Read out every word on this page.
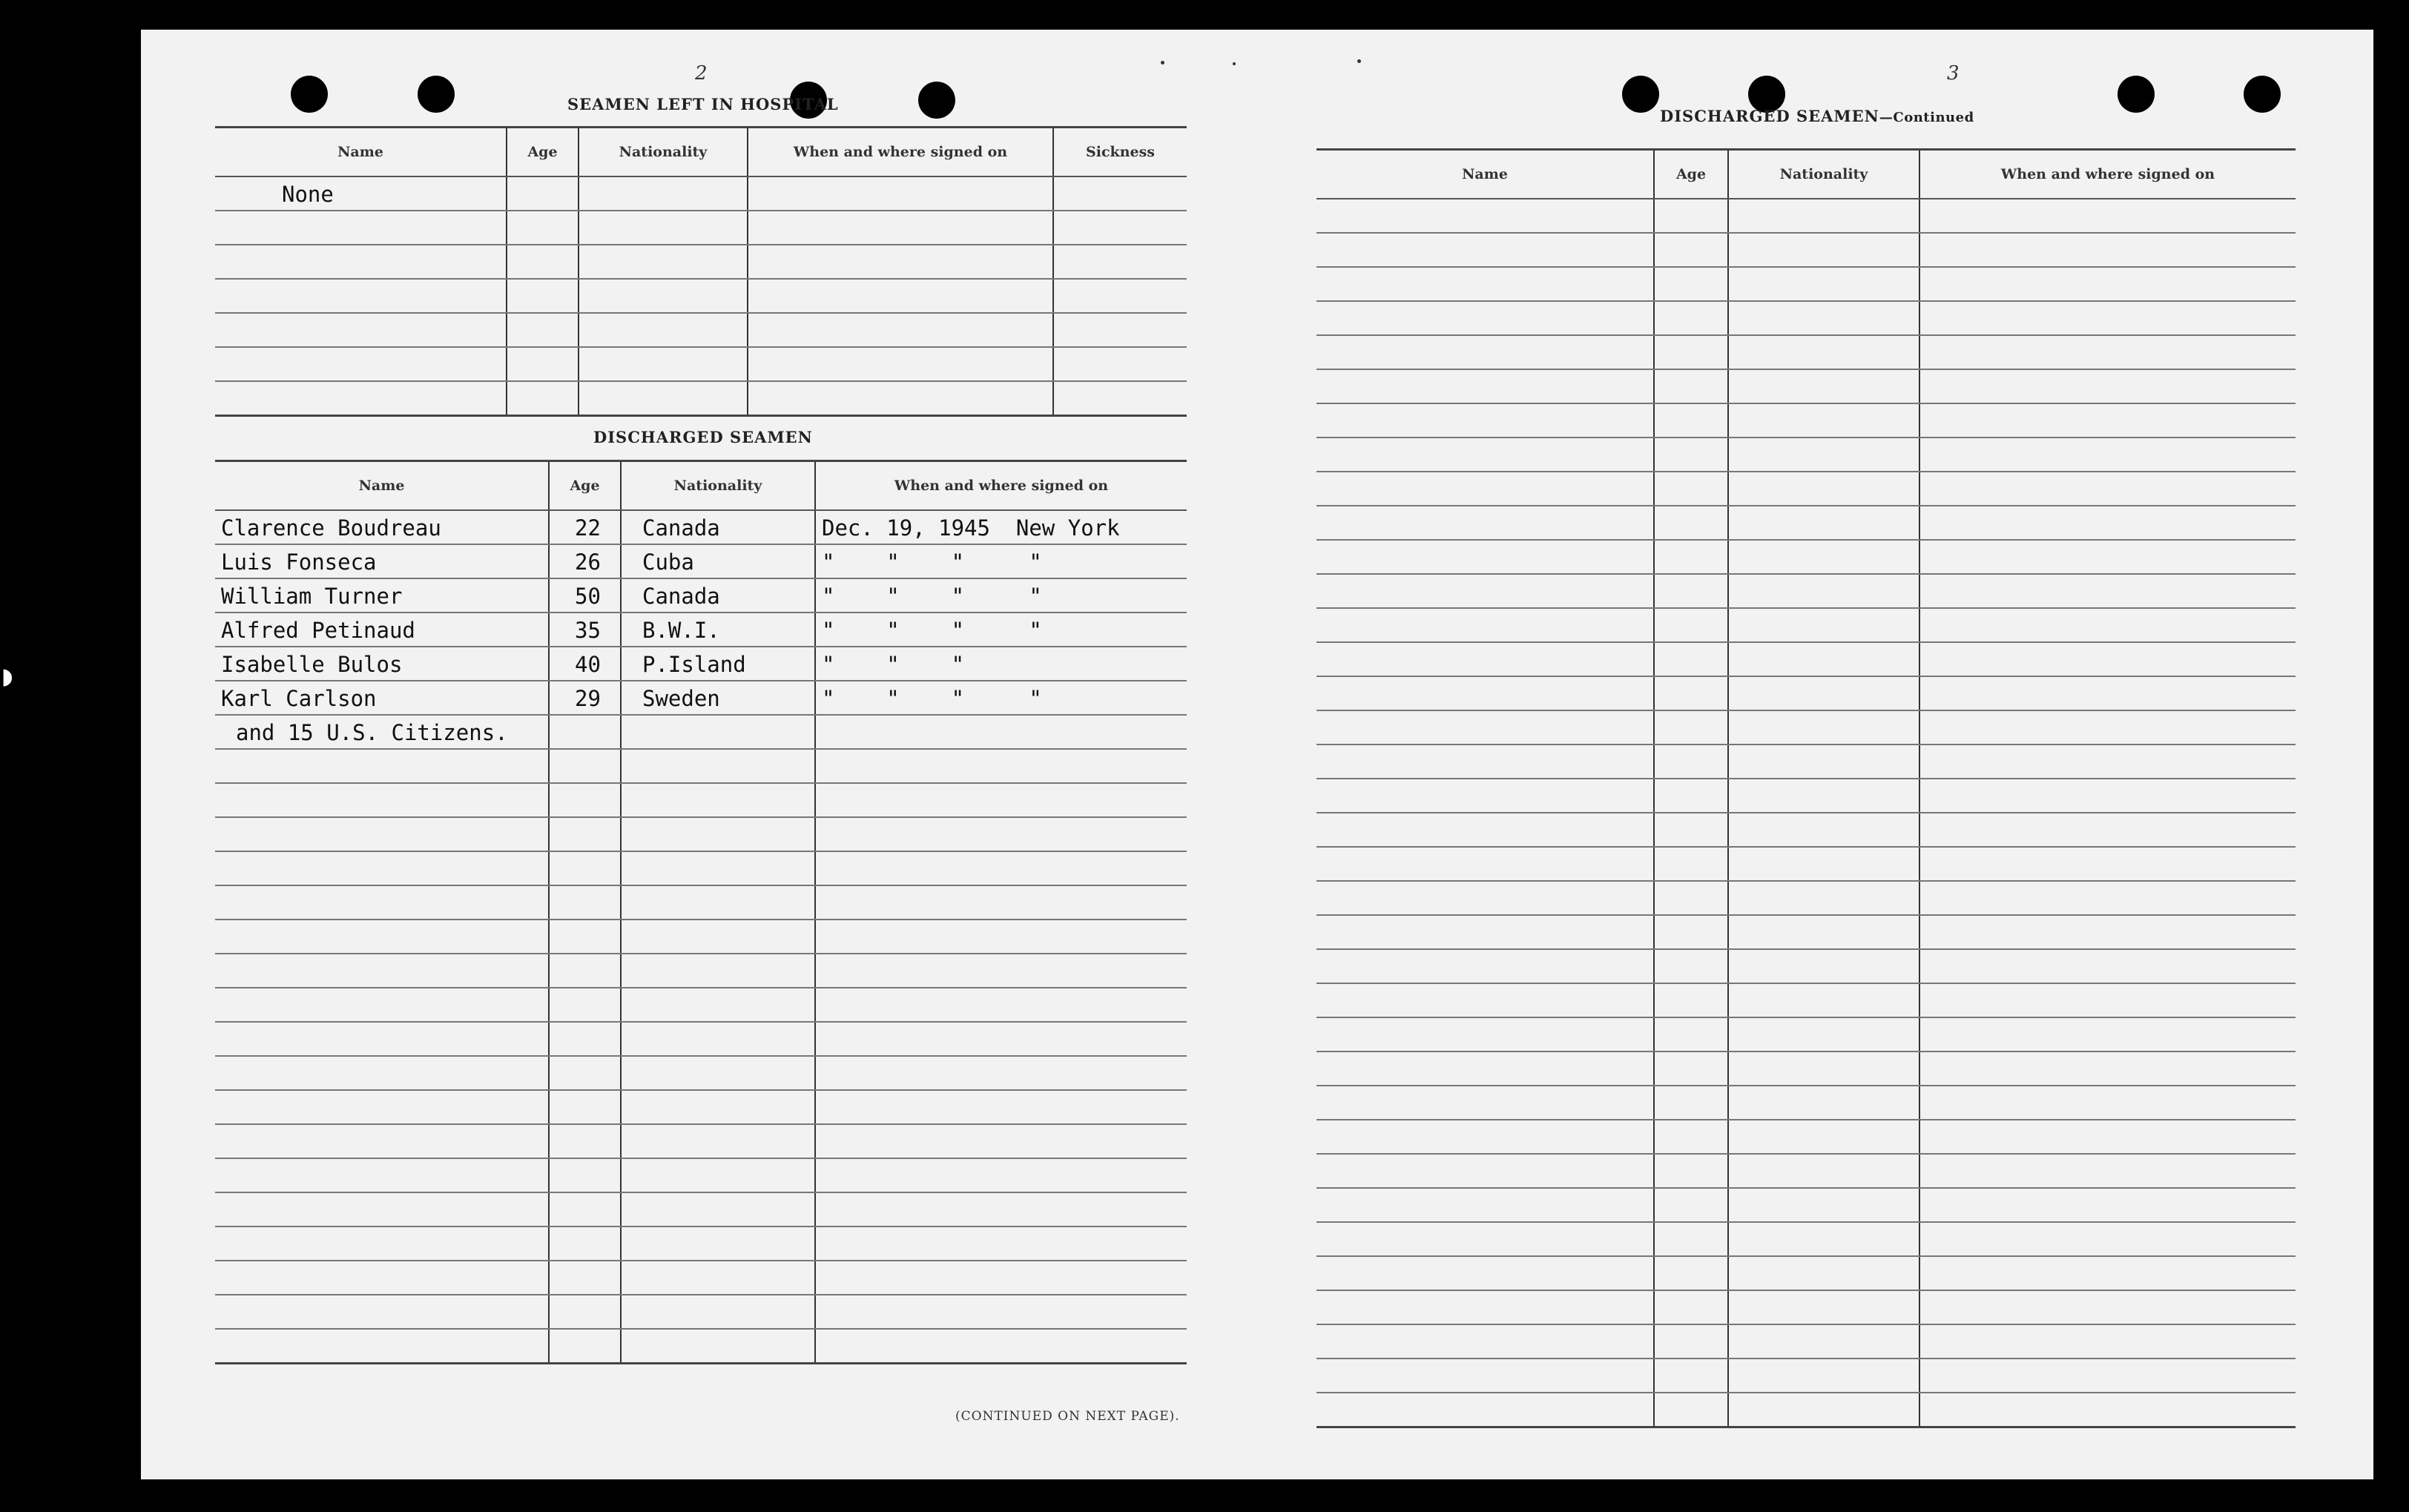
2
SEAMEN LEFT IN HOSPITAL
Name	Age	Nationality	When and where signed on	Sickness

None				

DISCHARGED SEAMEN
Name	Age	Nationality	When and where signed on

Clarence Boudreau	22	Canada	Dec. 19, 1945  New York

Luis Fonseca	26	Cuba	"    "    "     "

William Turner	50	Canada	"    "    "     "

Alfred Petinaud	35	B.W.I.	"    "    "     "

Isabelle Bulos	40	P.Island	"    "    "

Karl Carlson	29	Sweden	"    "    "     "

and 15 U.S. Citizens.			

(CONTINUED ON NEXT PAGE).
3
DISCHARGED SEAMEN—Continued
Name	Age	Nationality	When and where signed on

◗
